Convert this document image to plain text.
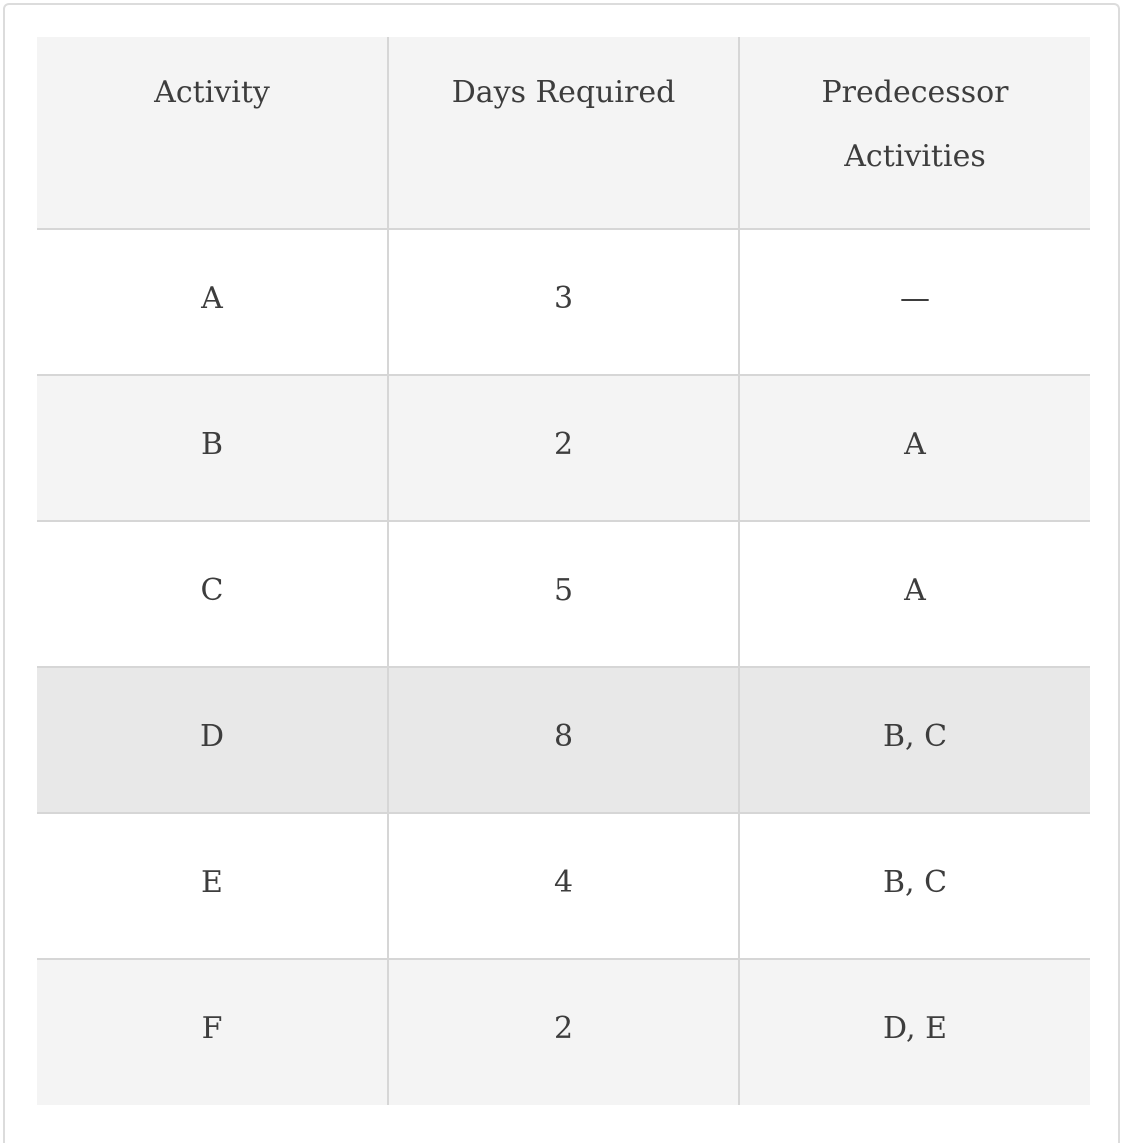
Activity	Days Required	Predecessor Activities
A	3	—
B	2	A
C	5	A
D	8	B, C
E	4	B, C
F	2	D, E
